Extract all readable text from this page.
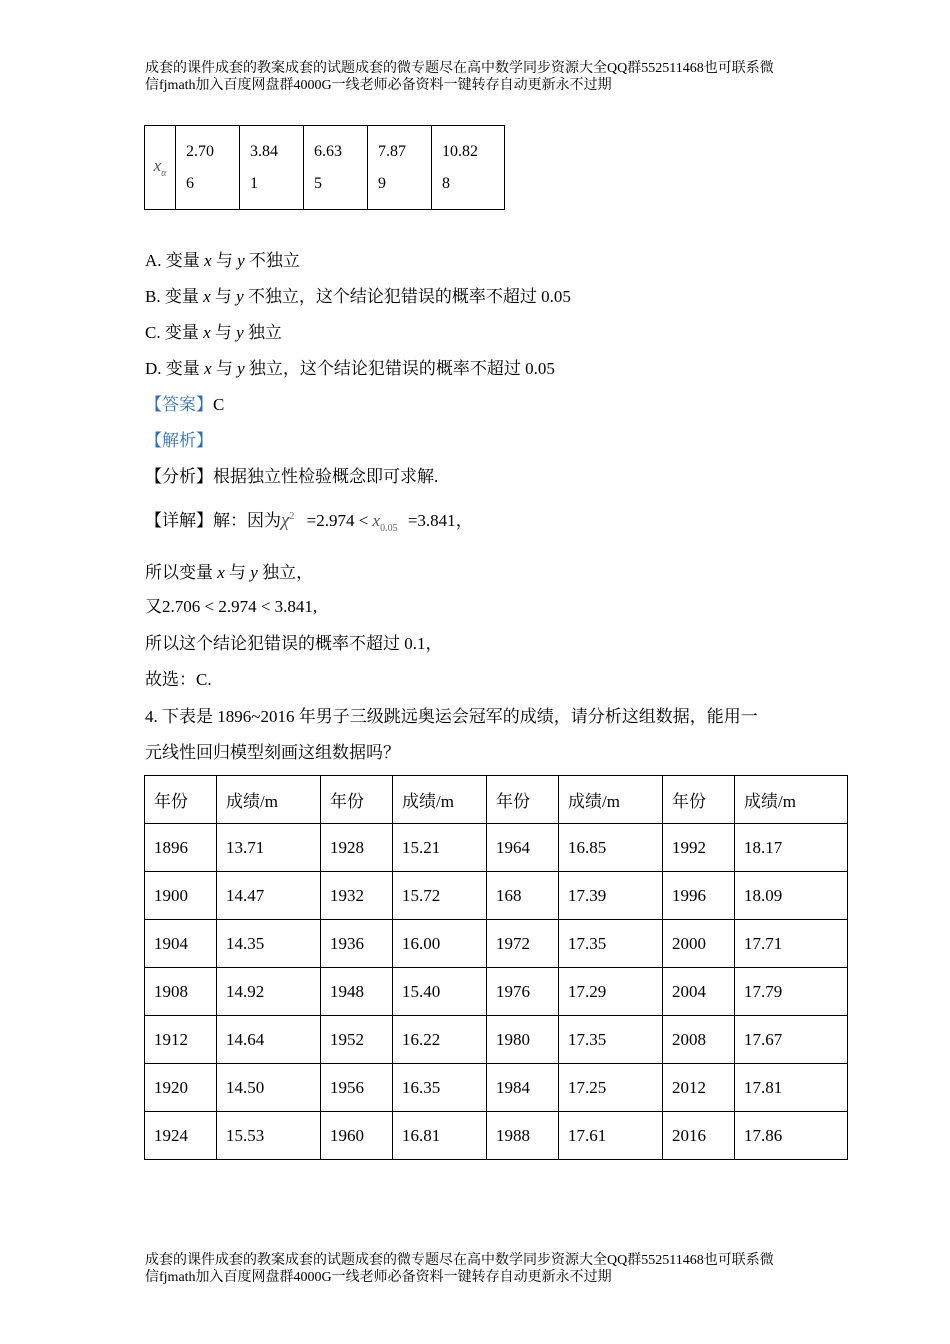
成套的课件成套的教案成套的试题成套的微专题尽在高中数学同步资源大全QQ群552511468也可联系微

信fjmath加入百度网盘群4000G一线老师必备资料一键转存自动更新永不过期

$x_\alpha$	
2.70
6

3.84
1

6.63
5

7.87
9

10.82
8
A. 变量 x 与 y 不独立
B. 变量 x 与 y 不独立，这个结论犯错误的概率不超过 0.05
C. 变量 x 与 y 独立
D. 变量 x 与 y 独立，这个结论犯错误的概率不超过 0.05
【答案】C
【解析】
【分析】根据独立性检验概念即可求解.
【详解】解：因为$\chi^2 =2.974 < x_{0.05} =3.841$，
所以变量 x 与 y 独立，
又2.706 < 2.974 < 3.841,
所以这个结论犯错误的概率不超过 0.1，
故选：C.
4. 下表是 1896~2016 年男子三级跳远奥运会冠军的成绩，请分析这组数据，能用一
元线性回归模型刻画这组数据吗？
年份	成绩/m	年份	成绩/m	年份	成绩/m	年份	成绩/m
1896	13.71	1928	15.21	1964	16.85	1992	18.17
1900	14.47	1932	15.72	168	17.39	1996	18.09
1904	14.35	1936	16.00	1972	17.35	2000	17.71
1908	14.92	1948	15.40	1976	17.29	2004	17.79
1912	14.64	1952	16.22	1980	17.35	2008	17.67
1920	14.50	1956	16.35	1984	17.25	2012	17.81
1924	15.53	1960	16.81	1988	17.61	2016	17.86

成套的课件成套的教案成套的试题成套的微专题尽在高中数学同步资源大全QQ群552511468也可联系微

信fjmath加入百度网盘群4000G一线老师必备资料一键转存自动更新永不过期
